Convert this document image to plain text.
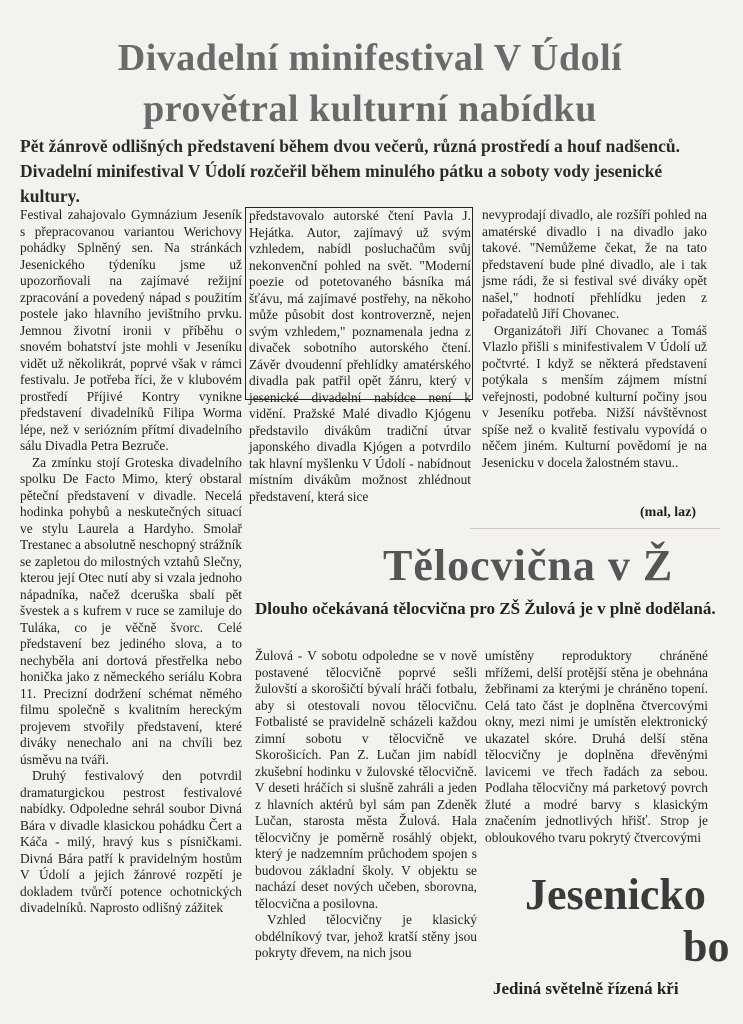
Divadelní minifestival V Údolí
provětral kulturní nabídku
Pět žánrově odlišných představení během dvou večerů, různá prostředí a houf nadšenců. Divadelní minifestival V Údolí rozčeřil během minulého pátku a soboty vody jesenické kultury.

Festival zahajovalo Gymnázium Jeseník s přepracovanou variantou Werichovy pohádky Splněný sen. Na stránkách Jesenického týdeníku jsme už upozorňovali na zajímavé režijní zpracování a povedený nápad s použitím postele jako hlavního jevištního prvku. Jemnou životní ironii v příběhu o snovém bohatství jste mohli v Jeseníku vidět už několikrát, poprvé však v rámci festivalu. Je potřeba říci, že v klubovém prostředí Příjivé Kontry vynikne představení divadelníků Filipa Worma lépe, než v seriózním přítmí divadelního sálu Divadla Petra Bezruče.

Za zmínku stojí Groteska divadelního spolku De Facto Mimo, který obstaral pěteční představení v divadle. Necelá hodinka pohybů a neskutečných situací ve stylu Laurela a Hardyho. Smolař Trestanec a absolutně neschopný strážník se zapletou do milostných vztahů Slečny, kterou její Otec nutí aby si vzala jednoho nápadníka, načež dceruška sbalí pět švestek a s kufrem v ruce se zamiluje do Tuláka, co je věčně švorc. Celé představení bez jediného slova, a to nechyběla ani dortová přestřelka nebo honička jako z německého seriálu Kobra 11. Precizní dodržení schémat němého filmu společně s kvalitním hereckým projevem stvořily představení, které diváky nenechalo ani na chvíli bez úsměvu na tváři.

Druhý festivalový den potvrdil dramaturgickou pestrost festivalové nabídky. Odpoledne sehrál soubor Divná Bára v divadle klasickou pohádku Čert a Káča - milý, hravý kus s písničkami. Divná Bára patří k pravidelným hostům V Údolí a jejich žánrové rozpětí je dokladem tvůrčí potence ochotnických divadelníků. Naprosto odlišný zážitek

představovalo autorské čtení Pavla J. Hejátka. Autor, zajímavý už svým vzhledem, nabídl posluchačům svůj nekonvenční pohled na svět. "Moderní poezie od potetovaného básníka má šťávu, má zajímavé postřehy, na někoho může působit dost kontroverzně, nejen svým vzhledem," poznamenala jedna z divaček sobotního autorského čtení. Závěr dvoudenní přehlídky amatérského divadla pak patřil opět žánru, který v jesenické divadelní nabídce není k vidění. Pražské Malé divadlo Kjógenu představilo divákům tradiční útvar japonského divadla Kjógen a potvrdilo tak hlavní myšlenku V Údolí - nabídnout místním divákům možnost zhlédnout představení, která sice

nevyprodají divadlo, ale rozšíří pohled na amatérské divadlo i na divadlo jako takové. "Nemůžeme čekat, že na tato představení bude plné divadlo, ale i tak jsme rádi, že si festival své diváky opět našel," hodnotí přehlídku jeden z pořadatelů Jiří Chovanec.

Organizátoři Jiří Chovanec a Tomáš Vlazlo přišli s minifestivalem V Údolí už počtvrté. I když se některá představení potýkala s menším zájmem místní veřejnosti, podobné kulturní počiny jsou v Jeseníku potřeba. Nižší návštěvnost spíše než o kvalitě festivalu vypovídá o něčem jiném. Kulturní povědomí je na Jesenicku v docela žalostném stavu..

(mal, laz)
Tělocvična v Ž
Dlouho očekávaná tělocvična pro ZŠ Žulová je v plně dodělaná.

Žulová - V sobotu odpoledne se v nově postavené tělocvičně poprvé sešli žulovští a skorošičtí bývalí hráči fotbalu, aby si otestovali novou tělocvičnu. Fotbalisté se pravidelně scházeli každou zimní sobotu v tělocvičně ve Skorošicích. Pan Z. Lučan jim nabídl zkušební hodinku v žulovské tělocvičně. V deseti hráčích si slušně zahráli a jeden z hlavních aktérů byl sám pan Zdeněk Lučan, starosta města Žulová. Hala tělocvičny je poměrně rosáhlý objekt, který je nadzemním průchodem spojen s budovou základní školy. V objektu se nachází deset nových učeben, sborovna, tělocvična a posilovna.

Vzhled tělocvičny je klasický obdélníkový tvar, jehož kratší stěny jsou pokryty dřevem, na nich jsou

umístěny reproduktory chráněné mřížemi, delší protější stěna je obehnána žebřinami za kterými je chráněno topení. Celá tato část je doplněna čtvercovými okny, mezi nimi je umístěn elektronický ukazatel skóre. Druhá delší stěna tělocvičny je doplněna dřevěnými lavicemi ve třech řadách za sebou. Podlaha tělocvičny má parketový povrch žluté a modré barvy s klasickým značením jednotlivých hřišť. Strop je obloukového tvaru pokrytý čtvercovými

Jesenicko
bo
Jediná světelně řízená kři
